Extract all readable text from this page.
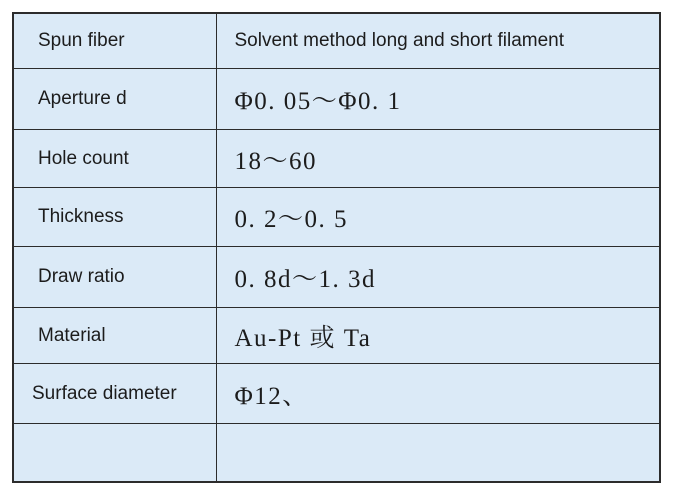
Spun fiber	Solvent method long and short filament
Aperture d	Φ0. 05〜Φ0. 1
Hole count	18〜60
Thickness	0. 2〜0. 5
Draw ratio	0. 8d〜1. 3d
Material	Au-Pt 或 Ta
Surface diameter	Φ12、
